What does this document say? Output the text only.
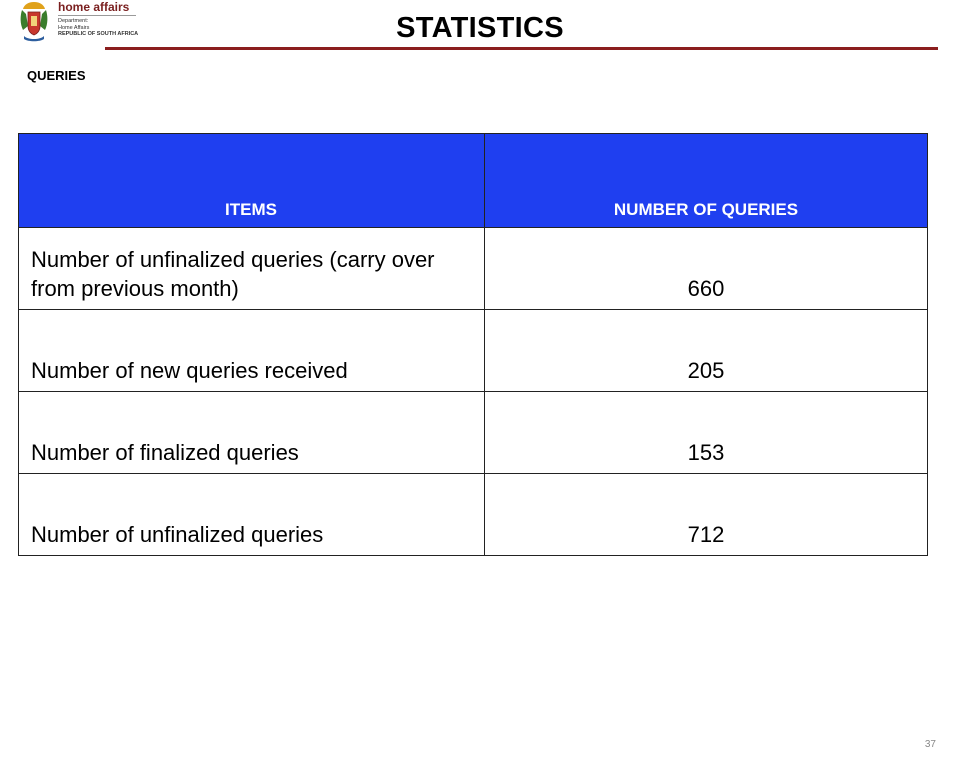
home affairs
Department:
Home Affairs
REPUBLIC OF SOUTH AFRICA	STATISTICS
QUERIES
ITEMS	NUMBER OF QUERIES
Number of unfinalized queries (carry over from previous month)	660
Number of new queries received	205
Number of finalized queries	153
Number of unfinalized queries	712
37
